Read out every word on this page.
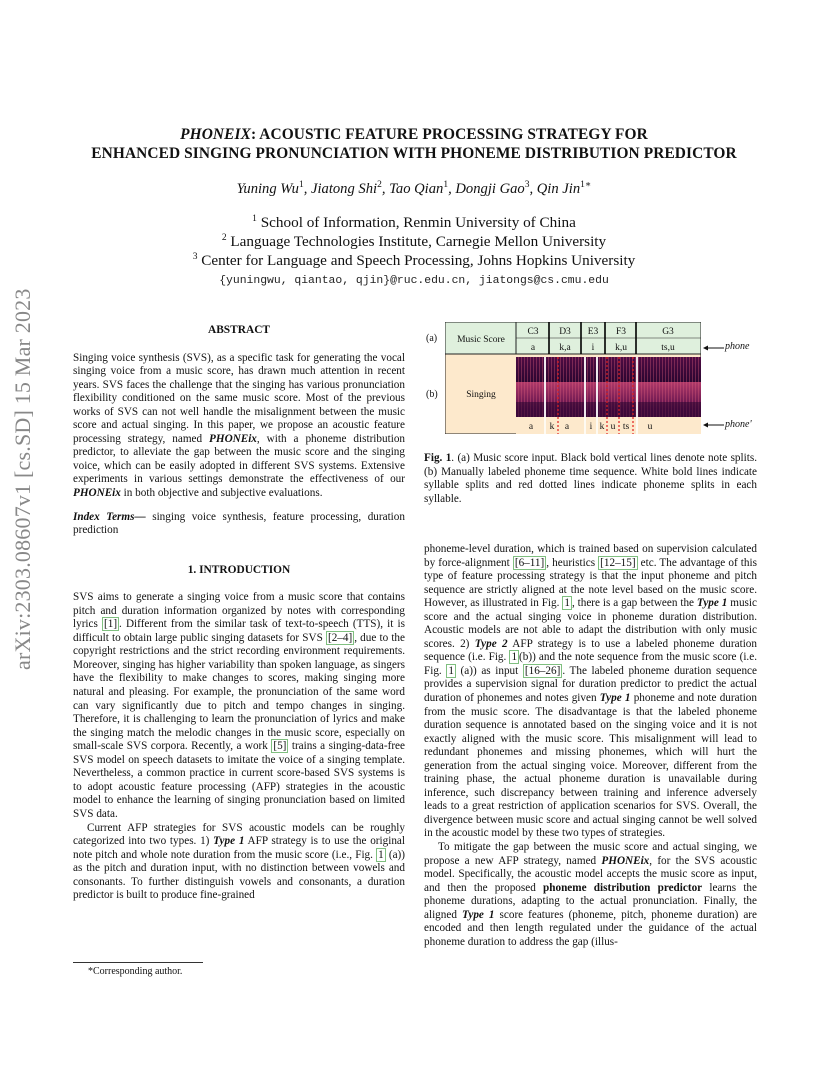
arXiv:2303.08607v1 [cs.SD] 15 Mar 2023
PHONEIX: ACOUSTIC FEATURE PROCESSING STRATEGY FOR
ENHANCED SINGING PRONUNCIATION WITH PHONEME DISTRIBUTION PREDICTOR
Yuning Wu$^1$, Jiatong Shi$^2$, Tao Qian$^1$, Dongji Gao$^3$, Qin Jin$^{1∗}$
$^1$ School of Information, Renmin University of China
$^2$ Language Technologies Institute, Carnegie Mellon University
$^3$ Center for Language and Speech Processing, Johns Hopkins University
{yuningwu, qiantao, qjin}@ruc.edu.cn, jiatongs@cs.cmu.edu
ABSTRACT

Singing voice synthesis (SVS), as a specific task for generating the vocal singing voice from a music score, has drawn much attention in recent years. SVS faces the challenge that the singing has various pronunciation flexibility conditioned on the same music score. Most of the previous works of SVS can not well handle the misalignment between the music score and actual singing. In this paper, we propose an acoustic feature processing strategy, named PHONEix, with a phoneme distribution predictor, to alleviate the gap between the music score and the singing voice, which can be easily adopted in different SVS systems. Extensive experiments in various settings demonstrate the effectiveness of our PHONEix in both objective and subjective evaluations.

Index Terms— singing voice synthesis, feature processing, duration prediction

1. INTRODUCTION

SVS aims to generate a singing voice from a music score that contains pitch and duration information organized by notes with corresponding lyrics [1] . Different from the similar task of text-to-speech (TTS), it is difficult to obtain large public singing datasets for SVS [2–4] , due to the copyright restrictions and the strict recording environment requirements. Moreover, singing has higher variability than spoken language, as singers have the flexibility to make changes to scores, making singing more natural and pleasing. For example, the pronunciation of the same word can vary significantly due to pitch and tempo changes in singing. Therefore, it is challenging to learn the pronunciation of lyrics and make the singing match the melodic changes in the music score, especially on small-scale SVS corpora. Recently, a work [5] trains a singing-data-free SVS model on speech datasets to imitate the voice of a singing template. Nevertheless, a common practice in current score-based SVS systems is to adopt acoustic feature processing (AFP) strategies in the acoustic model to enhance the learning of singing pronunciation based on limited SVS data.

Current AFP strategies for SVS acoustic models can be roughly categorized into two types. 1) Type 1 AFP strategy is to use the original note pitch and whole note duration from the music score (i.e., Fig. 1 (a)) as the pitch and duration input, with no distinction between vowels and consonants. To further distinguish vowels and consonants, a duration predictor is built to produce fine-grained

*Corresponding author.
(a)
(b)
Music Score
Singing
C3 D3 E3 F3	G3
a	k,a i k,u	ts,u
a k a i k u ts u
phone
phone'
Fig. 1. (a) Music score input. Black bold vertical lines denote note splits. (b) Manually labeled phoneme time sequence. White bold lines indicate syllable splits and red dotted lines indicate phoneme splits in each syllable.

phoneme-level duration, which is trained based on supervision calculated by force-alignment [6–11] , heuristics [12–15] etc. The advantage of this type of feature processing strategy is that the input phoneme and pitch sequence are strictly aligned at the note level based on the music score. However, as illustrated in Fig. 1 , there is a gap between the Type 1 music score and the actual singing voice in phoneme duration distribution. Acoustic models are not able to adapt the distribution with only music scores. 2) Type 2 AFP strategy is to use a labeled phoneme duration sequence (i.e. Fig. 1 (b)) and the note sequence from the music score (i.e. Fig. 1 (a)) as input [16–26] . The labeled phoneme duration sequence provides a supervision signal for duration predictor to predict the actual duration of phonemes and notes given Type 1 phoneme and note duration from the music score. The disadvantage is that the labeled phoneme duration sequence is annotated based on the singing voice and it is not exactly aligned with the music score. This misalignment will lead to redundant phonemes and missing phonemes, which will hurt the generation from the actual singing voice. Moreover, different from the training phase, the actual phoneme duration is unavailable during inference, such discrepancy between training and inference adversely leads to a great restriction of application scenarios for SVS. Overall, the divergence between music score and actual singing cannot be well solved in the acoustic model by these two types of strategies.

To mitigate the gap between the music score and actual singing, we propose a new AFP strategy, named PHONEix, for the SVS acoustic model. Specifically, the acoustic model accepts the music score as input, and then the proposed phoneme distribution predictor learns the phoneme durations, adapting to the actual pronunciation. Finally, the aligned Type 1 score features (phoneme, pitch, phoneme duration) are encoded and then length regulated under the guidance of the actual phoneme duration to address the gap (illus-
